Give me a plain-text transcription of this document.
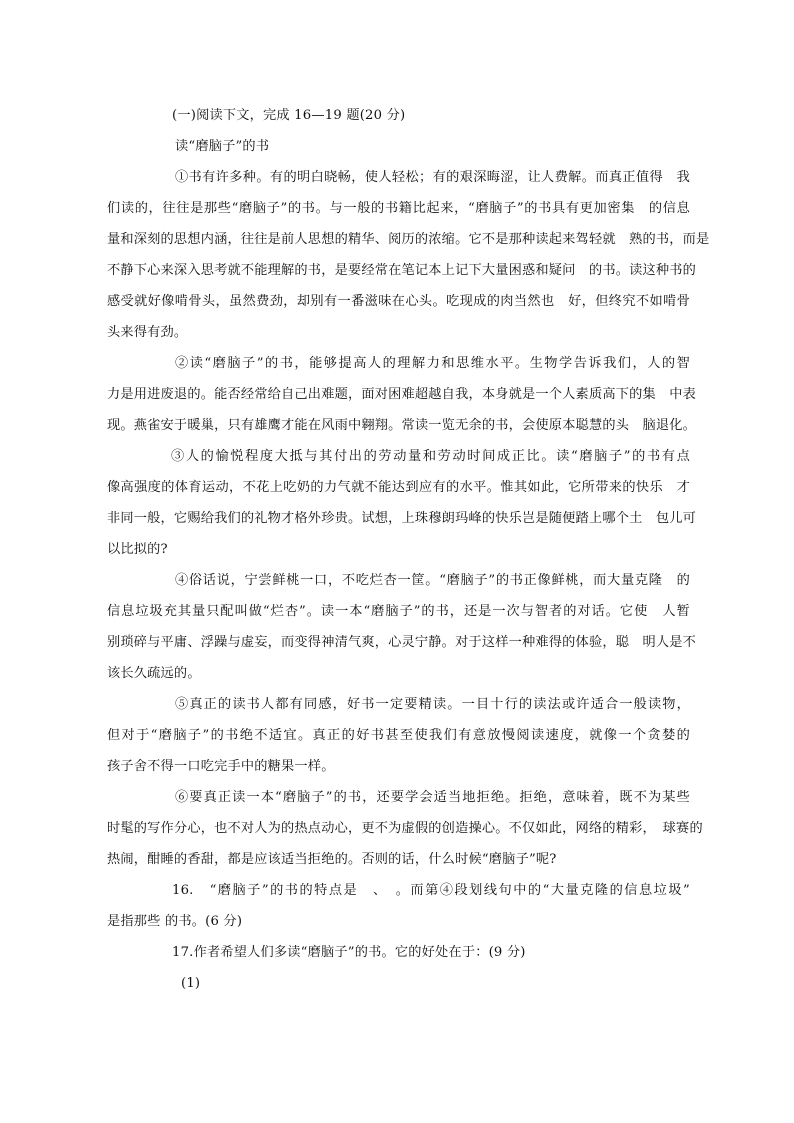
(一)阅读下文，完成 16—19 题(20 分)
读“磨脑子”的书
①书有许多种。有的明白晓畅，使人轻松；有的艰深晦涩，让人费解。而真正值得　我
们读的，往往是那些“磨脑子”的书。与一般的书籍比起来，“磨脑子”的书具有更加密集　的信息
量和深刻的思想内涵，往往是前人思想的精华、阅历的浓缩。它不是那种读起来驾轻就　熟的书，而是
不静下心来深入思考就不能理解的书，是要经常在笔记本上记下大量困惑和疑问　的书。读这种书的
感受就好像啃骨头，虽然费劲，却别有一番滋味在心头。吃现成的肉当然也　好，但终究不如啃骨
头来得有劲。
②读“磨脑子”的书，能够提高人的理解力和思维水平。生物学告诉我们，人的智
力是用进废退的。能否经常给自己出难题，面对困难超越自我，本身就是一个人素质高下的集　中表
现。燕雀安于暖巢，只有雄鹰才能在风雨中翱翔。常读一览无余的书，会使原本聪慧的头　脑退化。
③人的愉悦程度大抵与其付出的劳动量和劳动时间成正比。读“磨脑子”的书有点
像高强度的体育运动，不花上吃奶的力气就不能达到应有的水平。惟其如此，它所带来的快乐　才
非同一般，它赐给我们的礼物才格外珍贵。试想，上珠穆朗玛峰的快乐岂是随便踏上哪个土　包儿可
以比拟的?
④俗话说，宁尝鲜桃一口，不吃烂杏一筐。“磨脑子”的书正像鲜桃，而大量克隆　的
信息垃圾充其量只配叫做“烂杏”。读一本“磨脑子”的书，还是一次与智者的对话。它使　人暂
别琐碎与平庸、浮躁与虚妄，而变得神清气爽，心灵宁静。对于这样一种难得的体验，聪　明人是不
该长久疏远的。
⑤真正的读书人都有同感，好书一定要精读。一目十行的读法或许适合一般读物，
但对于“磨脑子”的书绝不适宜。真正的好书甚至使我们有意放慢阅读速度，就像一个贪婪的
孩子舍不得一口吃完手中的糖果一样。
⑥要真正读一本“磨脑子”的书，还要学会适当地拒绝。拒绝，意味着，既不为某些
时髦的写作分心，也不对人为的热点动心，更不为虚假的创造操心。不仅如此，网络的精彩，　球赛的
热闹，酣睡的香甜，都是应该适当拒绝的。否则的话，什么时候“磨脑子”呢?
16.　“磨脑子”的书的特点是　、　。而第④段划线句中的“大量克隆的信息垃圾”
是指那些 的书。(6 分)
17.作者希望人们多读“磨脑子”的书。它的好处在于：(9 分)
(1)
